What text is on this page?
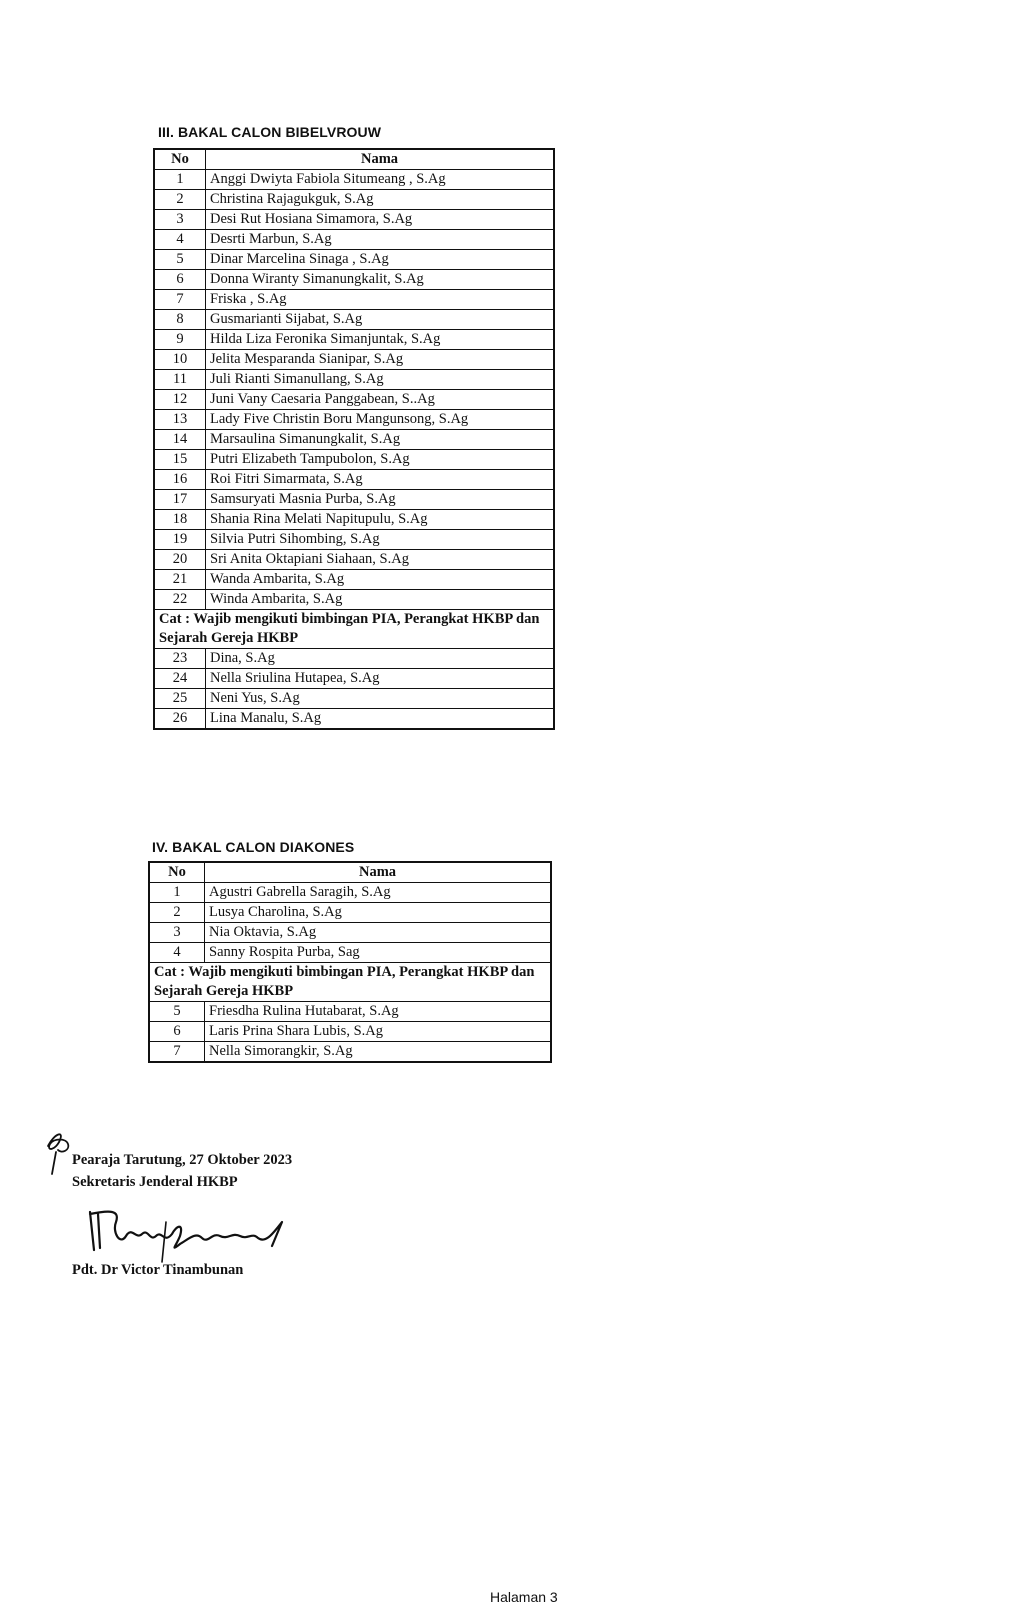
III. BAKAL CALON BIBELVROUW
No	Nama
1	Anggi Dwiyta Fabiola Situmeang , S.Ag
2	Christina Rajagukguk, S.Ag
3	Desi Rut Hosiana Simamora, S.Ag
4	Desrti Marbun, S.Ag
5	Dinar Marcelina Sinaga , S.Ag
6	Donna Wiranty Simanungkalit, S.Ag
7	Friska , S.Ag
8	Gusmarianti Sijabat, S.Ag
9	Hilda Liza Feronika Simanjuntak, S.Ag
10	Jelita Mesparanda Sianipar, S.Ag
11	Juli Rianti Simanullang, S.Ag
12	Juni Vany Caesaria Panggabean, S..Ag
13	Lady Five Christin Boru Mangunsong, S.Ag
14	Marsaulina Simanungkalit, S.Ag
15	Putri Elizabeth Tampubolon, S.Ag
16	Roi Fitri Simarmata, S.Ag
17	Samsuryati Masnia Purba, S.Ag
18	Shania Rina Melati Napitupulu, S.Ag
19	Silvia Putri Sihombing, S.Ag
20	Sri Anita Oktapiani Siahaan, S.Ag
21	Wanda Ambarita, S.Ag
22	Winda Ambarita, S.Ag
Cat : Wajib mengikuti bimbingan PIA, Perangkat HKBP dan Sejarah Gereja HKBP	
23	Dina, S.Ag
24	Nella Sriulina Hutapea, S.Ag
25	Neni Yus, S.Ag
26	Lina Manalu, S.Ag
IV. BAKAL CALON DIAKONES
No	Nama
1	Agustri Gabrella Saragih, S.Ag
2	Lusya Charolina, S.Ag
3	Nia Oktavia, S.Ag
4	Sanny Rospita Purba, Sag
Cat : Wajib mengikuti bimbingan PIA, Perangkat HKBP dan Sejarah Gereja HKBP	
5	Friesdha Rulina Hutabarat, S.Ag
6	Laris Prina Shara Lubis, S.Ag
7	Nella Simorangkir, S.Ag
Pearaja Tarutung, 27 Oktober 2023
Sekretaris Jenderal HKBP
Pdt. Dr Victor Tinambunan
Halaman 3
